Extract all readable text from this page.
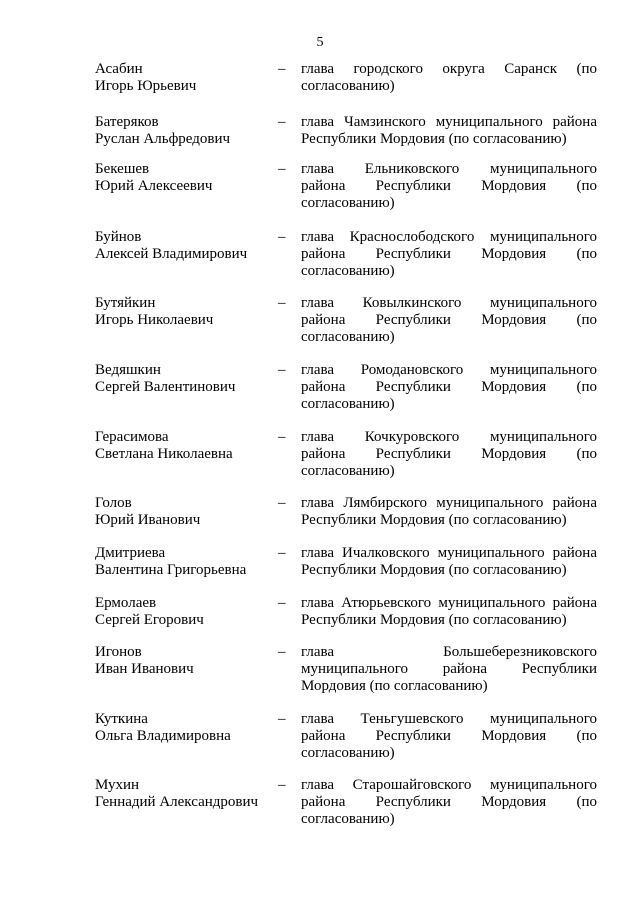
5
Асабин
Игорь Юрьевич
– глава городского округа Саранск (по
согласованию)
Батеряков
Руслан Альфредович
– глава Чамзинского муниципального района
Республики Мордовия (по согласованию)
Бекешев
Юрий Алексеевич
– глава Ельниковского муниципального
района Республики Мордовия (по
согласованию)
Буйнов
Алексей Владимирович
– глава Краснослободского муниципального
района Республики Мордовия (по
согласованию)
Бутяйкин
Игорь Николаевич
– глава Ковылкинского муниципального
района Республики Мордовия (по
согласованию)
Ведяшкин
Сергей Валентинович
– глава Ромодановского муниципального
района Республики Мордовия (по
согласованию)
Герасимова
Светлана Николаевна
– глава Кочкуровского муниципального
района Республики Мордовия (по
согласованию)
Голов
Юрий Иванович
– глава Лямбирского муниципального района
Республики Мордовия (по согласованию)
Дмитриева
Валентина Григорьевна
– глава Ичалковского муниципального района
Республики Мордовия (по согласованию)
Ермолаев
Сергей Егорович
– глава Атюрьевского муниципального района
Республики Мордовия (по согласованию)
Игонов
Иван Иванович
– глава Большеберезниковского
муниципального района Республики
Мордовия (по согласованию)
Куткина
Ольга Владимировна
– глава Теньгушевского муниципального
района Республики Мордовия (по
согласованию)
Мухин
Геннадий Александрович
– глава Старошайговского муниципального
района Республики Мордовия (по
согласованию)
